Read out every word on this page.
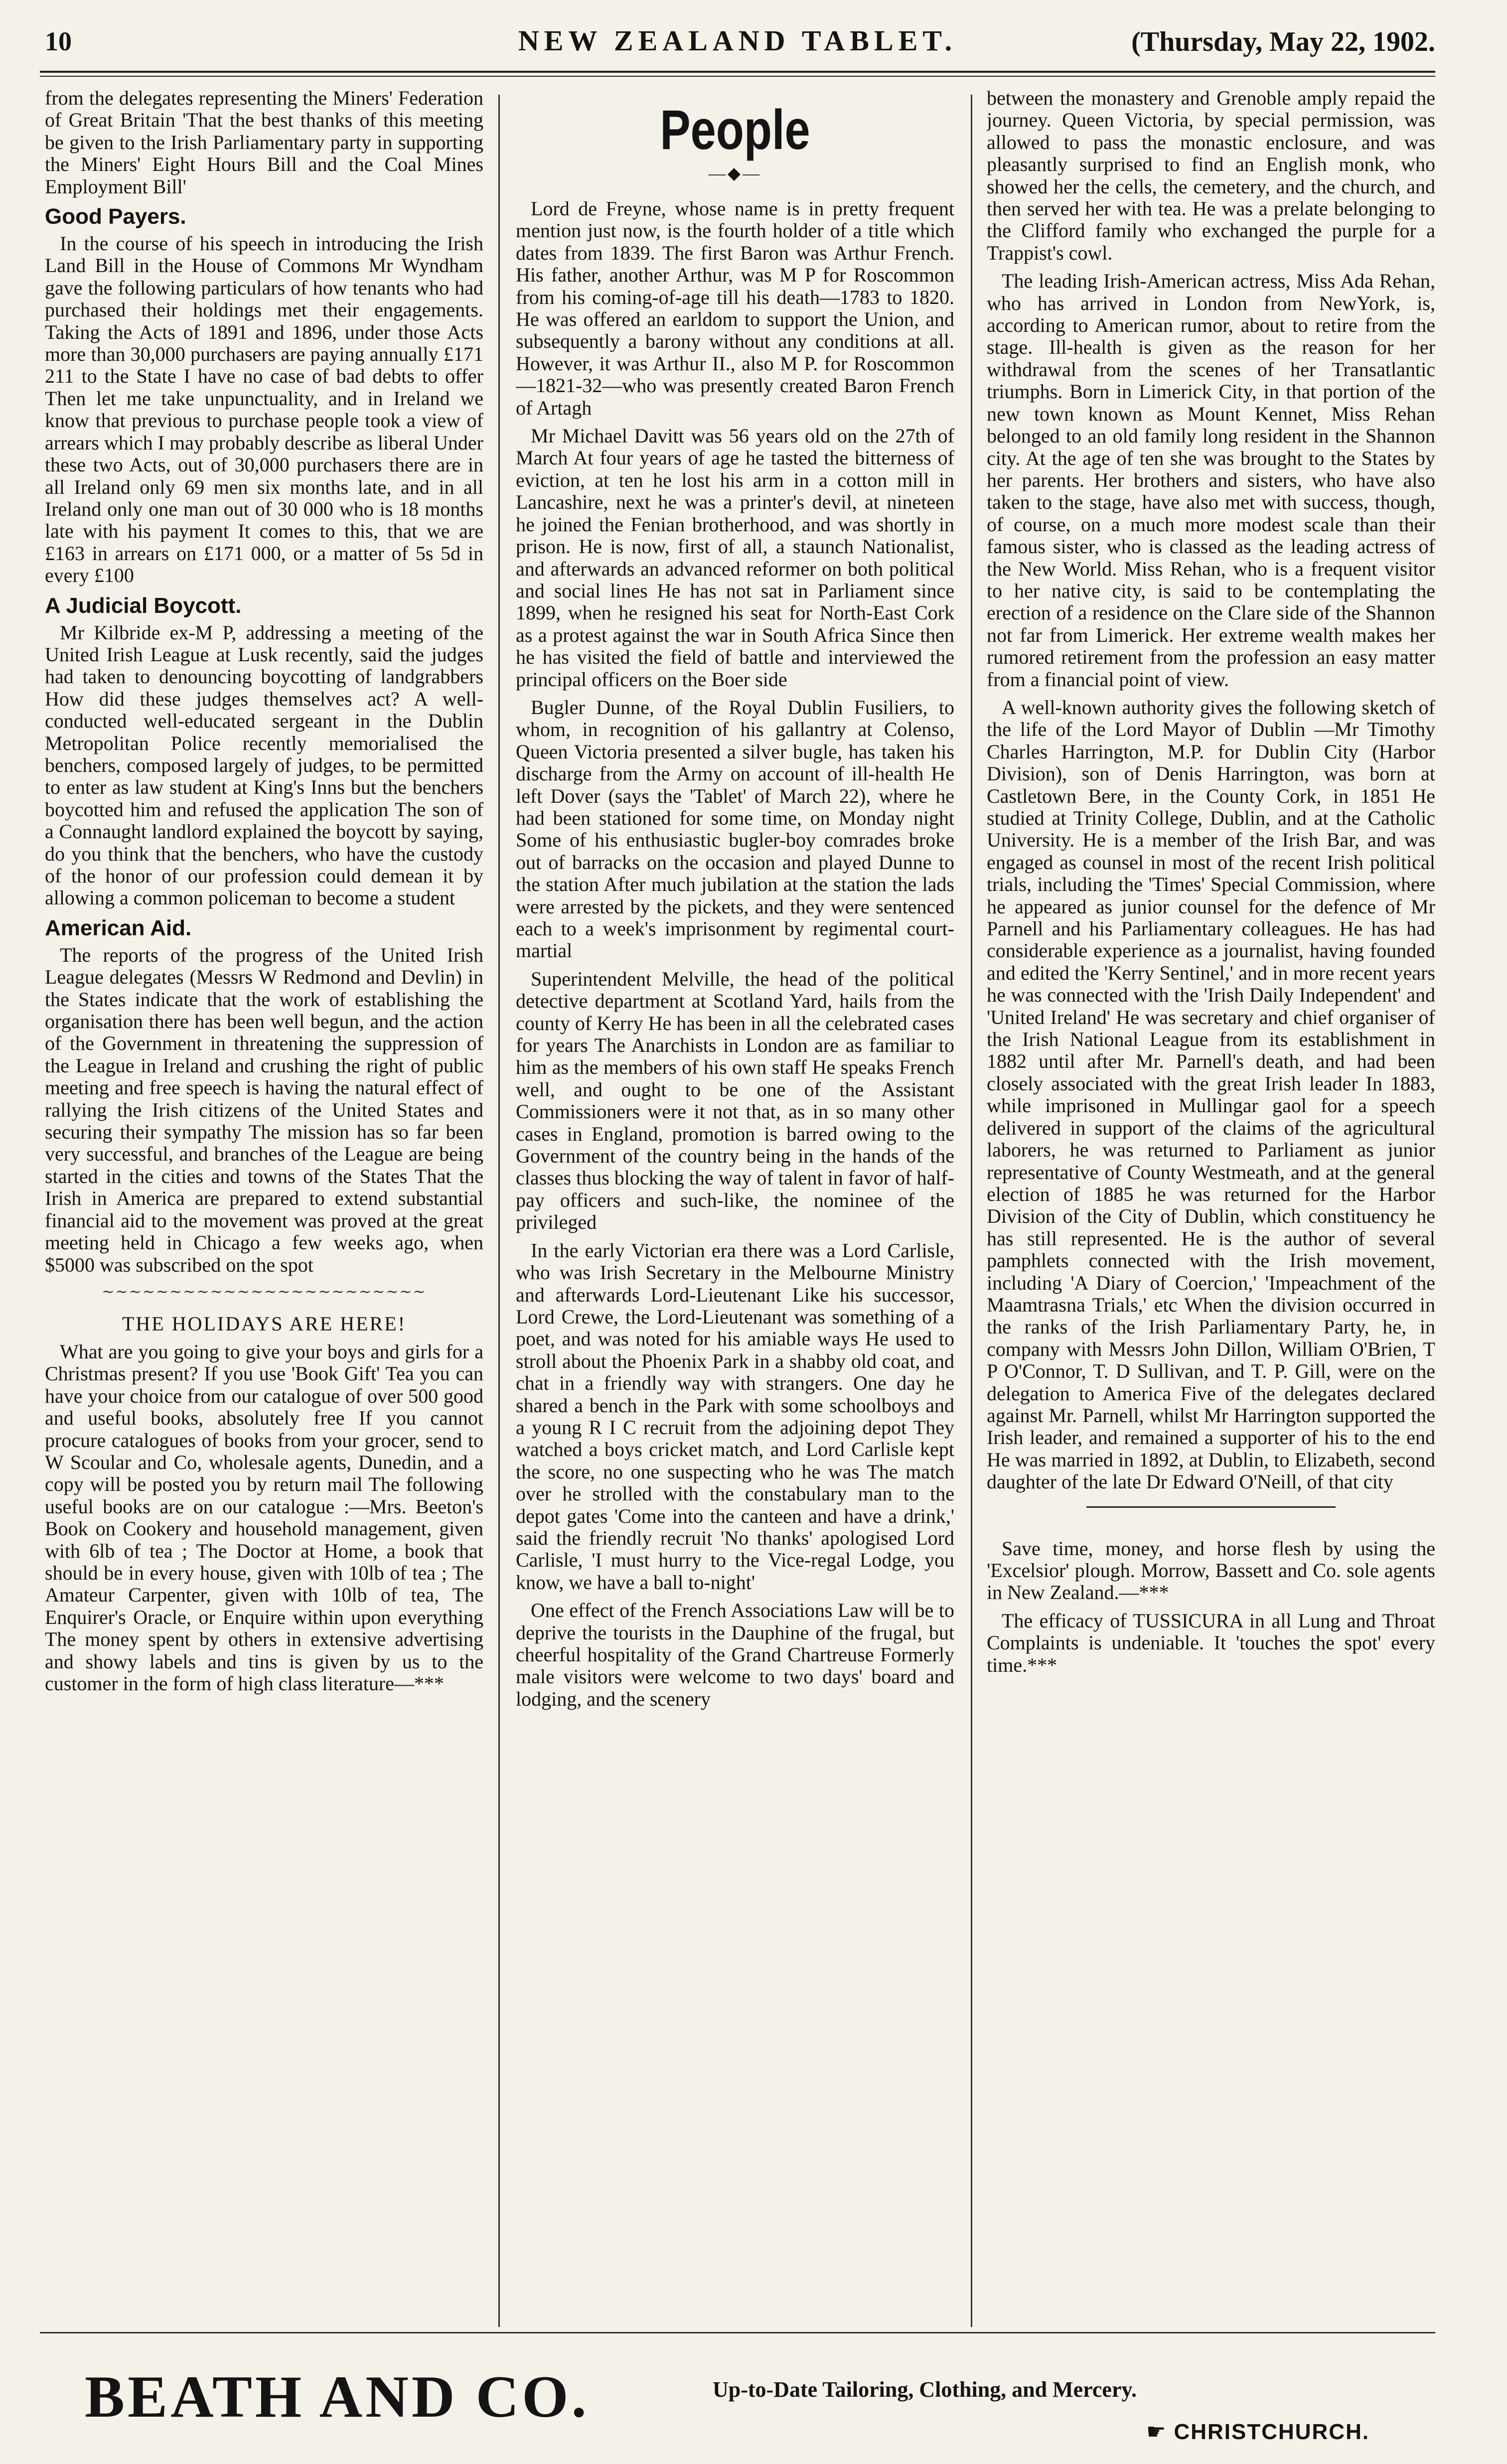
10	NEW ZEALAND TABLET.	(Thursday, May 22, 1902.

from the delegates representing the Miners' Federation of Great Britain 'That the best thanks of this meeting be given to the Irish Parliamentary party in supporting the Miners' Eight Hours Bill and the Coal Mines Employment Bill'

Good Payers.

In the course of his speech in introducing the Irish Land Bill in the House of Commons Mr Wyndham gave the following particulars of how tenants who had purchased their holdings met their engagements. Taking the Acts of 1891 and 1896, under those Acts more than 30,000 purchasers are paying annually £171 211 to the State I have no case of bad debts to offer Then let me take unpunctuality, and in Ireland we know that previous to purchase people took a view of arrears which I may probably describe as liberal Under these two Acts, out of 30,000 purchasers there are in all Ireland only 69 men six months late, and in all Ireland only one man out of 30 000 who is 18 months late with his payment It comes to this, that we are £163 in arrears on £171 000, or a matter of 5s 5d in every £100

A Judicial Boycott.

Mr Kilbride ex-M P, addressing a meeting of the United Irish League at Lusk recently, said the judges had taken to denouncing boycotting of landgrabbers How did these judges themselves act? A well-conducted well-educated sergeant in the Dublin Metropolitan Police recently memorialised the benchers, composed largely of judges, to be permitted to enter as law student at King's Inns but the benchers boycotted him and refused the application The son of a Connaught landlord explained the boycott by saying, do you think that the benchers, who have the custody of the honor of our profession could demean it by allowing a common policeman to become a student

American Aid.

The reports of the progress of the United Irish League delegates (Messrs W Redmond and Devlin) in the States indicate that the work of establishing the organisation there has been well begun, and the action of the Government in threatening the suppression of the League in Ireland and crushing the right of public meeting and free speech is having the natural effect of rallying the Irish citizens of the United States and securing their sympathy The mission has so far been very successful, and branches of the League are being started in the cities and towns of the States That the Irish in America are prepared to extend substantial financial aid to the movement was proved at the great meeting held in Chicago a few weeks ago, when $5000 was subscribed on the spot

∼∼∼∼∼∼∼∼∼∼∼∼∼∼∼∼∼∼∼∼∼∼∼∼
THE HOLIDAYS ARE HERE!

What are you going to give your boys and girls for a Christmas present? If you use 'Book Gift' Tea you can have your choice from our catalogue of over 500 good and useful books, absolutely free If you cannot procure catalogues of books from your grocer, send to W Scoular and Co, wholesale agents, Dunedin, and a copy will be posted you by return mail The following useful books are on our catalogue :—Mrs. Beeton's Book on Cookery and household management, given with 6lb of tea ; The Doctor at Home, a book that should be in every house, given with 10lb of tea ; The Amateur Carpenter, given with 10lb of tea, The Enquirer's Oracle, or Enquire within upon everything The money spent by others in extensive advertising and showy labels and tins is given by us to the customer in the form of high class literature—***

People
—◆—

Lord de Freyne, whose name is in pretty frequent mention just now, is the fourth holder of a title which dates from 1839. The first Baron was Arthur French. His father, another Arthur, was M P for Roscommon from his coming-of-age till his death—1783 to 1820. He was offered an earldom to support the Union, and subsequently a barony without any conditions at all. However, it was Arthur II., also M P. for Roscommon—1821-32—who was presently created Baron French of Artagh

Mr Michael Davitt was 56 years old on the 27th of March At four years of age he tasted the bitterness of eviction, at ten he lost his arm in a cotton mill in Lancashire, next he was a printer's devil, at nineteen he joined the Fenian brotherhood, and was shortly in prison. He is now, first of all, a staunch Nationalist, and afterwards an advanced reformer on both political and social lines He has not sat in Parliament since 1899, when he resigned his seat for North-East Cork as a protest against the war in South Africa Since then he has visited the field of battle and interviewed the principal officers on the Boer side

Bugler Dunne, of the Royal Dublin Fusiliers, to whom, in recognition of his gallantry at Colenso, Queen Victoria presented a silver bugle, has taken his discharge from the Army on account of ill-health He left Dover (says the 'Tablet' of March 22), where he had been stationed for some time, on Monday night Some of his enthusiastic bugler-boy comrades broke out of barracks on the occasion and played Dunne to the station After much jubilation at the station the lads were arrested by the pickets, and they were sentenced each to a week's imprisonment by regimental court-martial

Superintendent Melville, the head of the political detective department at Scotland Yard, hails from the county of Kerry He has been in all the celebrated cases for years The Anarchists in London are as familiar to him as the members of his own staff He speaks French well, and ought to be one of the Assistant Commissioners were it not that, as in so many other cases in England, promotion is barred owing to the Government of the country being in the hands of the classes thus blocking the way of talent in favor of half-pay officers and such-like, the nominee of the privileged

In the early Victorian era there was a Lord Carlisle, who was Irish Secretary in the Melbourne Ministry and afterwards Lord-Lieutenant Like his successor, Lord Crewe, the Lord-Lieutenant was something of a poet, and was noted for his amiable ways He used to stroll about the Phoenix Park in a shabby old coat, and chat in a friendly way with strangers. One day he shared a bench in the Park with some schoolboys and a young R I C recruit from the adjoining depot They watched a boys cricket match, and Lord Carlisle kept the score, no one suspecting who he was The match over he strolled with the constabulary man to the depot gates 'Come into the canteen and have a drink,' said the friendly recruit 'No thanks' apologised Lord Carlisle, 'I must hurry to the Vice-regal Lodge, you know, we have a ball to-night'

One effect of the French Associations Law will be to deprive the tourists in the Dauphine of the frugal, but cheerful hospitality of the Grand Chartreuse Formerly male visitors were welcome to two days' board and lodging, and the scenery

between the monastery and Grenoble amply repaid the journey. Queen Victoria, by special permission, was allowed to pass the monastic enclosure, and was pleasantly surprised to find an English monk, who showed her the cells, the cemetery, and the church, and then served her with tea. He was a prelate belonging to the Clifford family who exchanged the purple for a Trappist's cowl.

The leading Irish-American actress, Miss Ada Rehan, who has arrived in London from NewYork, is, according to American rumor, about to retire from the stage. Ill-health is given as the reason for her withdrawal from the scenes of her Transatlantic triumphs. Born in Limerick City, in that portion of the new town known as Mount Kennet, Miss Rehan belonged to an old family long resident in the Shannon city. At the age of ten she was brought to the States by her parents. Her brothers and sisters, who have also taken to the stage, have also met with success, though, of course, on a much more modest scale than their famous sister, who is classed as the leading actress of the New World. Miss Rehan, who is a frequent visitor to her native city, is said to be contemplating the erection of a residence on the Clare side of the Shannon not far from Limerick. Her extreme wealth makes her rumored retirement from the profession an easy matter from a financial point of view.

A well-known authority gives the following sketch of the life of the Lord Mayor of Dublin —Mr Timothy Charles Harrington, M.P. for Dublin City (Harbor Division), son of Denis Harrington, was born at Castletown Bere, in the County Cork, in 1851 He studied at Trinity College, Dublin, and at the Catholic University. He is a member of the Irish Bar, and was engaged as counsel in most of the recent Irish political trials, including the 'Times' Special Commission, where he appeared as junior counsel for the defence of Mr Parnell and his Parliamentary colleagues. He has had considerable experience as a journalist, having founded and edited the 'Kerry Sentinel,' and in more recent years he was connected with the 'Irish Daily Independent' and 'United Ireland' He was secretary and chief organiser of the Irish National League from its establishment in 1882 until after Mr. Parnell's death, and had been closely associated with the great Irish leader In 1883, while imprisoned in Mullingar gaol for a speech delivered in support of the claims of the agricultural laborers, he was returned to Parliament as junior representative of County Westmeath, and at the general election of 1885 he was returned for the Harbor Division of the City of Dublin, which constituency he has still represented. He is the author of several pamphlets connected with the Irish movement, including 'A Diary of Coercion,' 'Impeachment of the Maamtrasna Trials,' etc When the division occurred in the ranks of the Irish Parliamentary Party, he, in company with Messrs John Dillon, William O'Brien, T P O'Connor, T. D Sullivan, and T. P. Gill, were on the delegation to America Five of the delegates declared against Mr. Parnell, whilst Mr Harrington supported the Irish leader, and remained a supporter of his to the end He was married in 1892, at Dublin, to Elizabeth, second daughter of the late Dr Edward O'Neill, of that city

Save time, money, and horse flesh by using the 'Excelsior' plough. Morrow, Bassett and Co. sole agents in New Zealand.—***

The efficacy of TUSSICURA in all Lung and Throat Complaints is undeniable. It 'touches the spot' every time.***

BEATH AND CO.	Up-to-Date Tailoring, Clothing, and Mercery.
☛ CHRISTCHURCH.
